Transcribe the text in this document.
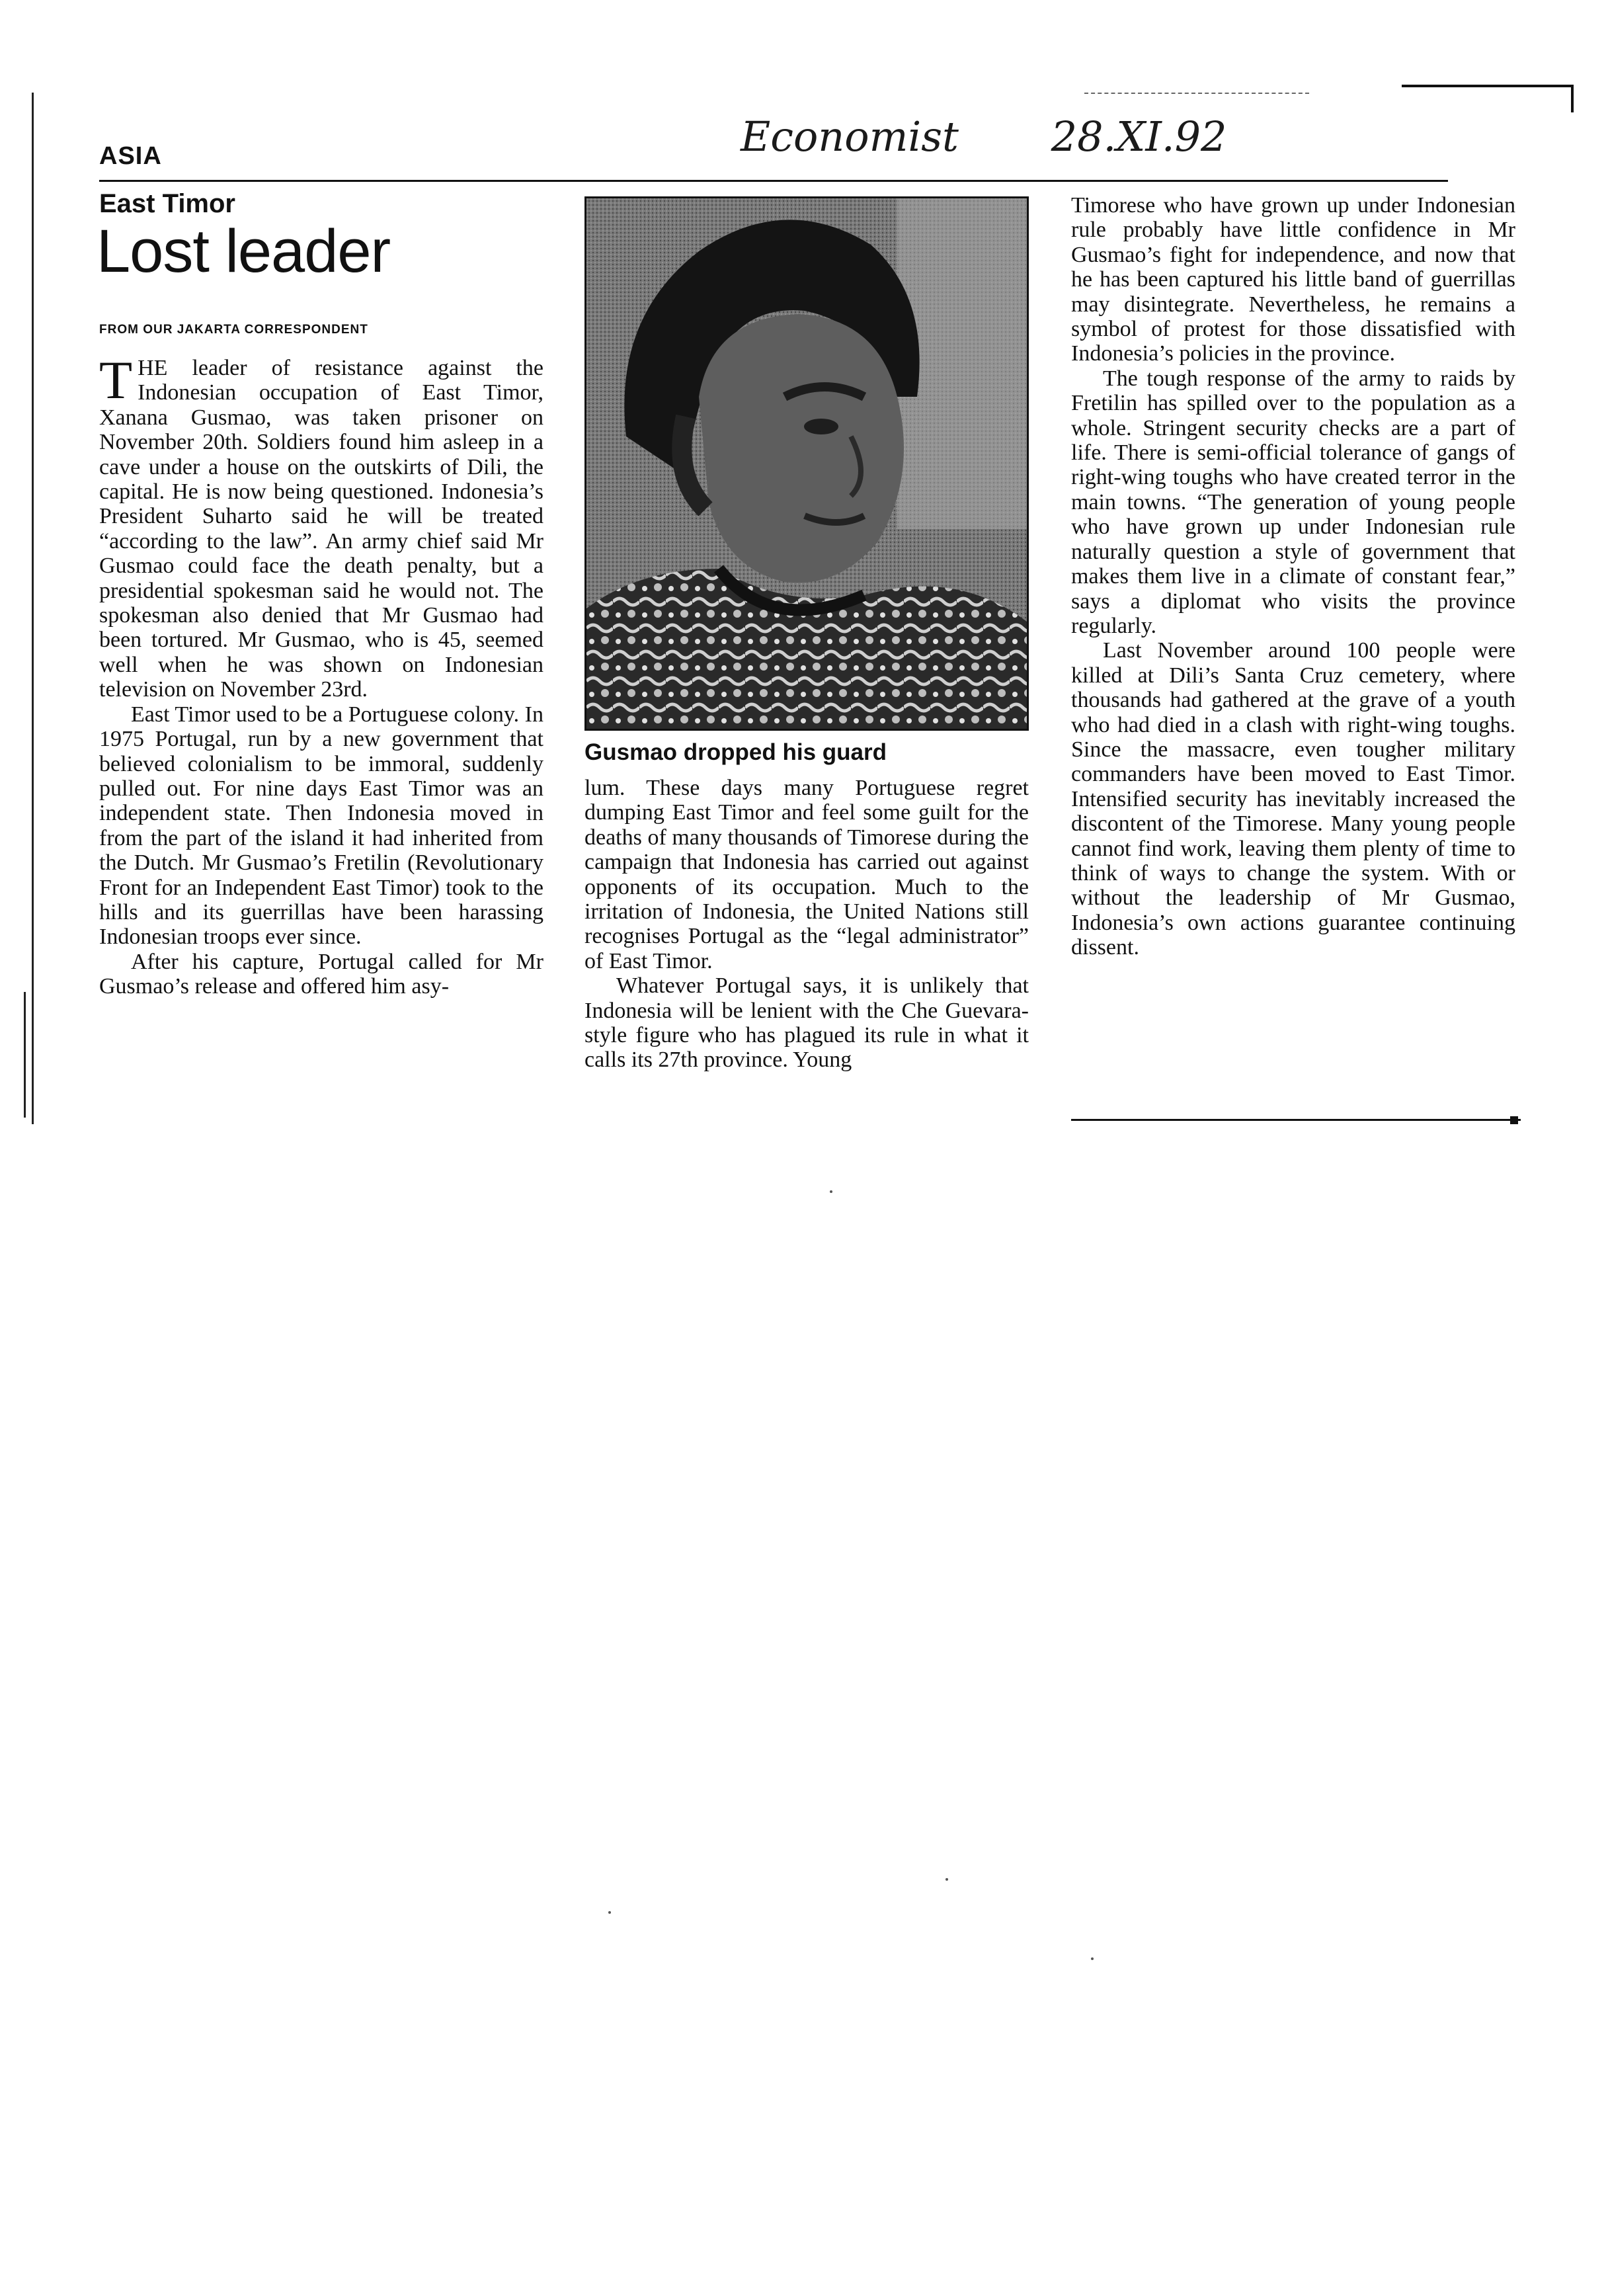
ASIA	Economist 28.XI.92
East Timor
Lost leader
FROM OUR JAKARTA CORRESPONDENT

THE leader of resistance against the Indonesian occupation of East Timor, Xanana Gusmao, was taken prisoner on November 20th. Soldiers found him asleep in a cave under a house on the outskirts of Dili, the capital. He is now being questioned. Indonesia’s President Suharto said he will be treated “according to the law”. An army chief said Mr Gusmao could face the death penalty, but a presidential spokesman said he would not. The spokesman also denied that Mr Gusmao had been tortured. Mr Gusmao, who is 45, seemed well when he was shown on Indonesian television on November 23rd.

East Timor used to be a Portuguese colony. In 1975 Portugal, run by a new government that believed colonialism to be immoral, suddenly pulled out. For nine days East Timor was an independent state. Then Indonesia moved in from the part of the island it had inherited from the Dutch. Mr Gusmao’s Fretilin (Revolutionary Front for an Independent East Timor) took to the hills and its guerrillas have been harassing Indonesian troops ever since.

After his capture, Portugal called for Mr Gusmao’s release and offered him asy-

Gusmao dropped his guard

lum. These days many Portuguese regret dumping East Timor and feel some guilt for the deaths of many thousands of Timorese during the campaign that Indonesia has carried out against opponents of its occupation. Much to the irritation of Indonesia, the United Nations still recognises Portugal as the “legal administrator” of East Timor.

Whatever Portugal says, it is unlikely that Indonesia will be lenient with the Che Guevara-style figure who has plagued its rule in what it calls its 27th province. Young

Timorese who have grown up under Indonesian rule probably have little confidence in Mr Gusmao’s fight for independence, and now that he has been captured his little band of guerrillas may disintegrate. Nevertheless, he remains a symbol of protest for those dissatisfied with Indonesia’s policies in the province.

The tough response of the army to raids by Fretilin has spilled over to the population as a whole. Stringent security checks are a part of life. There is semi-official tolerance of gangs of right-wing toughs who have created terror in the main towns. “The generation of young people who have grown up under Indonesian rule naturally question a style of government that makes them live in a climate of constant fear,” says a diplomat who visits the province regularly.

Last November around 100 people were killed at Dili’s Santa Cruz cemetery, where thousands had gathered at the grave of a youth who had died in a clash with right-wing toughs. Since the massacre, even tougher military commanders have been moved to East Timor. Intensified security has inevitably increased the discontent of the Timorese. Many young people cannot find work, leaving them plenty of time to think of ways to change the system. With or without the leadership of Mr Gusmao, Indonesia’s own actions guarantee continuing dissent.
